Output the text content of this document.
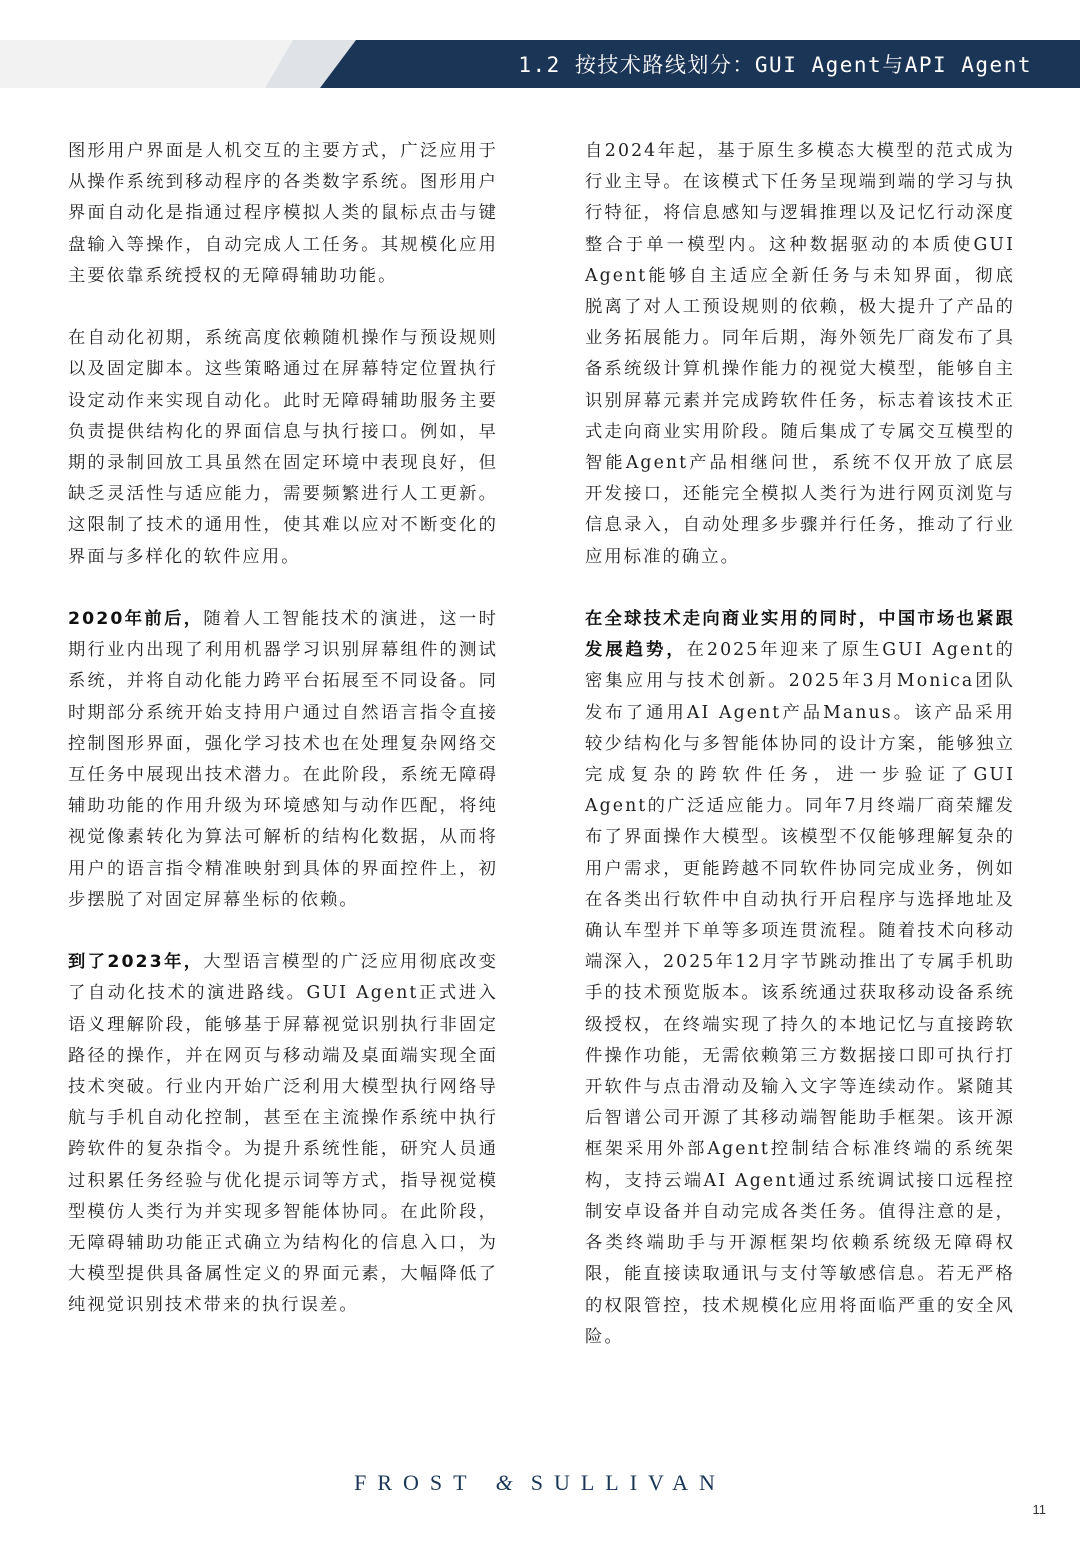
1.2 按技术路线划分：GUI Agent与API Agent

图形用户界面是人机交互的主要方式，广泛应用于从操作系统到移动程序的各类数字系统。图形用户界面自动化是指通过程序模拟人类的鼠标点击与键盘输入等操作，自动完成人工任务。其规模化应用主要依靠系统授权的无障碍辅助功能。

在自动化初期，系统高度依赖随机操作与预设规则以及固定脚本。这些策略通过在屏幕特定位置执行设定动作来实现自动化。此时无障碍辅助服务主要负责提供结构化的界面信息与执行接口。例如，早期的录制回放工具虽然在固定环境中表现良好，但缺乏灵活性与适应能力，需要频繁进行人工更新。这限制了技术的通用性，使其难以应对不断变化的界面与多样化的软件应用。

2020年前后，随着人工智能技术的演进，这一时期行业内出现了利用机器学习识别屏幕组件的测试系统，并将自动化能力跨平台拓展至不同设备。同时期部分系统开始支持用户通过自然语言指令直接控制图形界面，强化学习技术也在处理复杂网络交互任务中展现出技术潜力。在此阶段，系统无障碍辅助功能的作用升级为环境感知与动作匹配，将纯视觉像素转化为算法可解析的结构化数据，从而将用户的语言指令精准映射到具体的界面控件上，初步摆脱了对固定屏幕坐标的依赖。

到了2023年，大型语言模型的广泛应用彻底改变了自动化技术的演进路线。GUI Agent正式进入语义理解阶段，能够基于屏幕视觉识别执行非固定路径的操作，并在网页与移动端及桌面端实现全面技术突破。行业内开始广泛利用大模型执行网络导航与手机自动化控制，甚至在主流操作系统中执行跨软件的复杂指令。为提升系统性能，研究人员通过积累任务经验与优化提示词等方式，指导视觉模型模仿人类行为并实现多智能体协同。在此阶段，无障碍辅助功能正式确立为结构化的信息入口，为大模型提供具备属性定义的界面元素，大幅降低了纯视觉识别技术带来的执行误差。

自2024年起，基于原生多模态大模型的范式成为行业主导。在该模式下任务呈现端到端的学习与执行特征，将信息感知与逻辑推理以及记忆行动深度整合于单一模型内。这种数据驱动的本质使GUI Agent能够自主适应全新任务与未知界面，彻底脱离了对人工预设规则的依赖，极大提升了产品的业务拓展能力。同年后期，海外领先厂商发布了具备系统级计算机操作能力的视觉大模型，能够自主识别屏幕元素并完成跨软件任务，标志着该技术正式走向商业实用阶段。随后集成了专属交互模型的智能Agent产品相继问世，系统不仅开放了底层开发接口，还能完全模拟人类行为进行网页浏览与信息录入，自动处理多步骤并行任务，推动了行业应用标准的确立。

在全球技术走向商业实用的同时，中国市场也紧跟发展趋势，在2025年迎来了原生GUI Agent的密集应用与技术创新。2025年3月Monica团队发布了通用AI Agent产品Manus。该产品采用较少结构化与多智能体协同的设计方案，能够独立完成复杂的跨软件任务，进一步验证了GUI Agent的广泛适应能力。同年7月终端厂商荣耀发布了界面操作大模型。该模型不仅能够理解复杂的用户需求，更能跨越不同软件协同完成业务，例如在各类出行软件中自动执行开启程序与选择地址及确认车型并下单等多项连贯流程。随着技术向移动端深入，2025年12月字节跳动推出了专属手机助手的技术预览版本。该系统通过获取移动设备系统级授权，在终端实现了持久的本地记忆与直接跨软件操作功能，无需依赖第三方数据接口即可执行打开软件与点击滑动及输入文字等连续动作。紧随其后智谱公司开源了其移动端智能助手框架。该开源框架采用外部Agent控制结合标准终端的系统架构，支持云端AI Agent通过系统调试接口远程控制安卓设备并自动完成各类任务。值得注意的是，各类终端助手与开源框架均依赖系统级无障碍权限，能直接读取通讯与支付等敏感信息。若无严格的权限管控，技术规模化应用将面临严重的安全风险。

FROST & SULLIVAN
11
